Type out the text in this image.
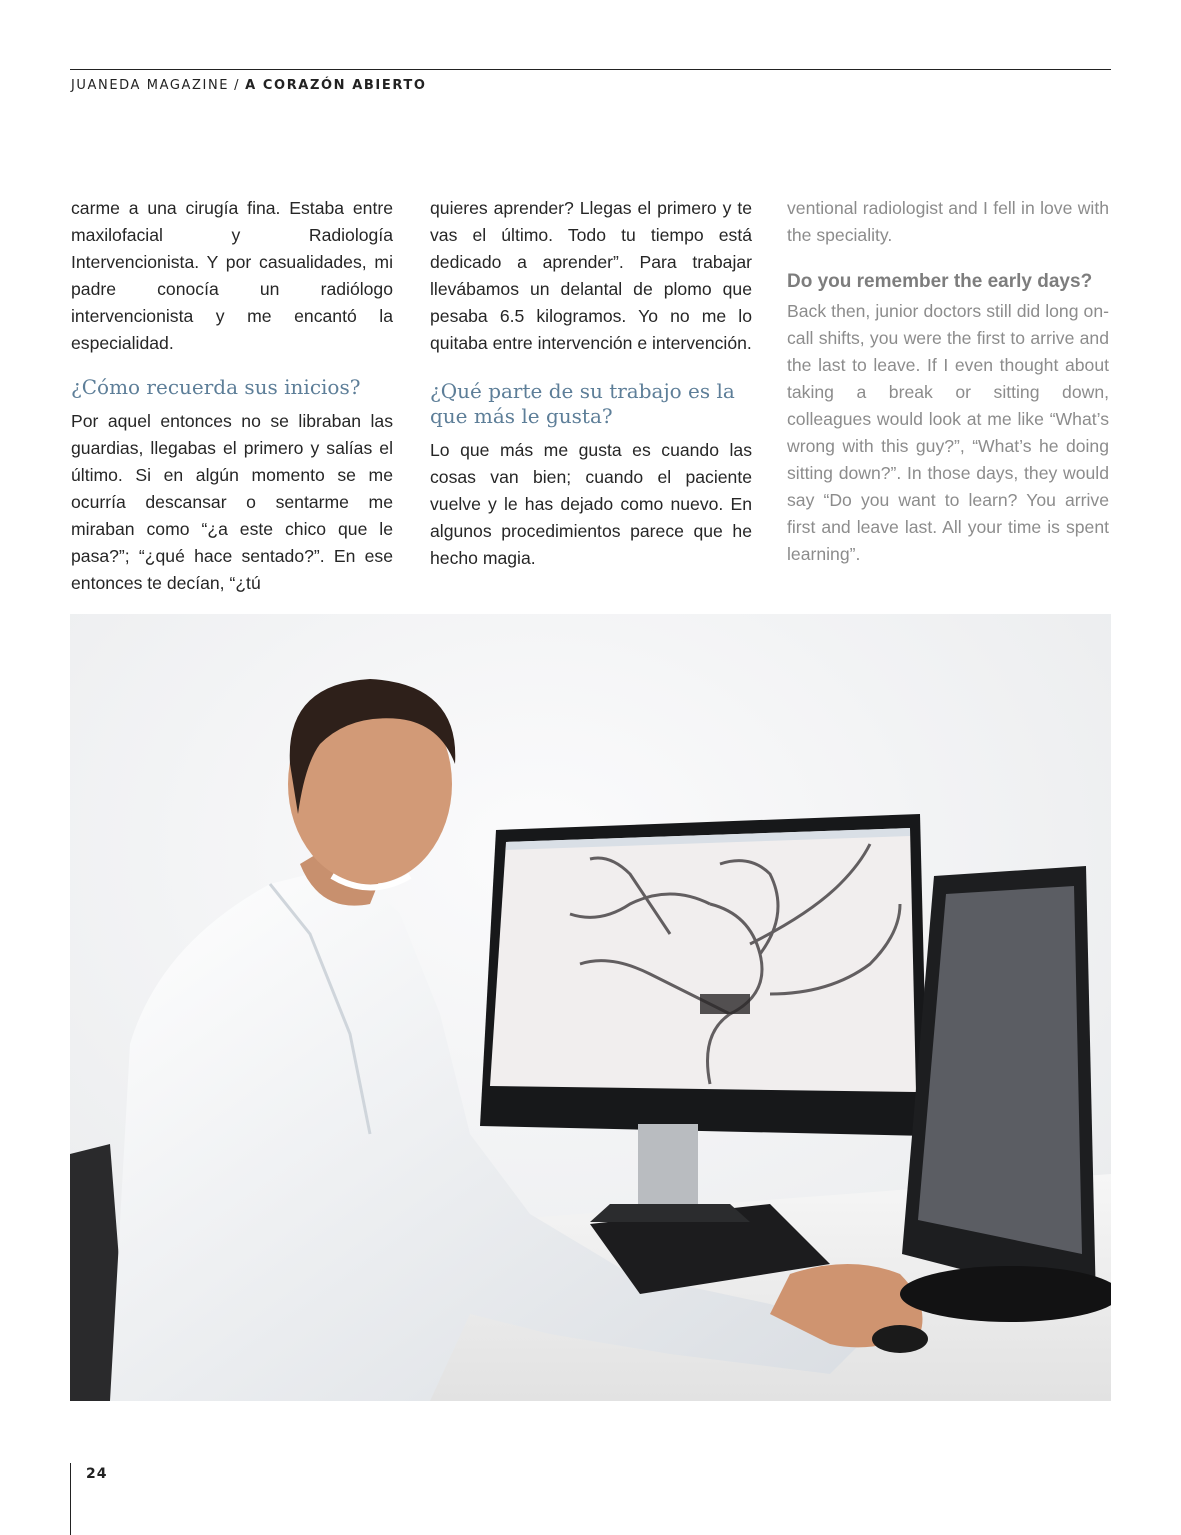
JUANEDA MAGAZINE / A CORAZÓN ABIERTO

carme a una cirugía fina. Estaba entre maxilofacial y Radiología Intervencionista. Y por casualidades, mi padre conocía un radiólogo intervencionista y me encantó la especialidad.

¿Cómo recuerda sus inicios?

Por aquel entonces no se libraban las guardias, llegabas el primero y salías el último. Si en algún momento se me ocurría descansar o sentarme me miraban como “¿a este chico que le pasa?”; “¿qué hace sentado?”. En ese entonces te decían, “¿tú

quieres aprender? Llegas el primero y te vas el último. Todo tu tiempo está dedicado a aprender”. Para trabajar llevábamos un delantal de plomo que pesaba 6.5 kilogramos. Yo no me lo quitaba entre intervención e intervención.

¿Qué parte de su trabajo es la que más le gusta?

Lo que más me gusta es cuando las cosas van bien; cuando el paciente vuelve y le has dejado como nuevo. En algunos procedimientos parece que he hecho magia.

ventional radiologist and I fell in love with the speciality.

Do you remember the early days?

Back then, junior doctors still did long on-call shifts, you were the first to arrive and the last to leave. If I even thought about taking a break or sitting down, colleagues would look at me like “What’s wrong with this guy?”, “What’s he doing sitting down?”. In those days, they would say “Do you want to learn? You arrive first and leave last. All your time is spent learning”.

24
